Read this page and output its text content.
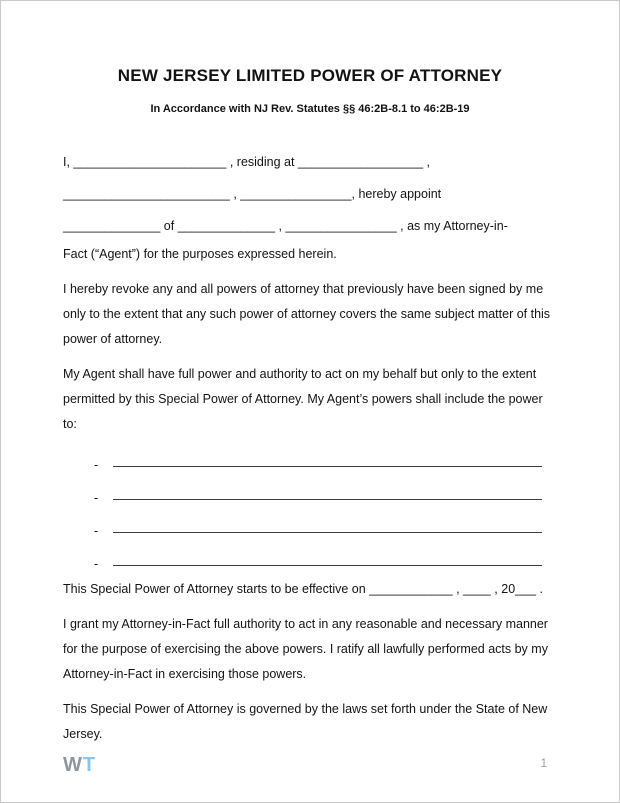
NEW JERSEY LIMITED POWER OF ATTORNEY
In Accordance with NJ Rev. Statutes §§ 46:2B-8.1 to 46:2B-19
I, ______________________ , residing at __________________ ,
________________________ , ________________, hereby appoint
______________ of ______________ , ________________ , as my Attorney-in-
Fact (“Agent”) for the purposes expressed herein.

I hereby revoke any and all powers of attorney that previously have been signed by me only to the extent that any such power of attorney covers the same subject matter of this power of attorney.

My Agent shall have full power and authority to act on my behalf but only to the extent permitted by this Special Power of Attorney. My Agent’s powers shall include the power to:

-
-
-
-

This Special Power of Attorney starts to be effective on ____________ , ____ , 20___ .

I grant my Attorney-in-Fact full authority to act in any reasonable and necessary manner for the purpose of exercising the above powers. I ratify all lawfully performed acts by my Attorney-in-Fact in exercising those powers.

This Special Power of Attorney is governed by the laws set forth under the State of New Jersey.

WT	1
